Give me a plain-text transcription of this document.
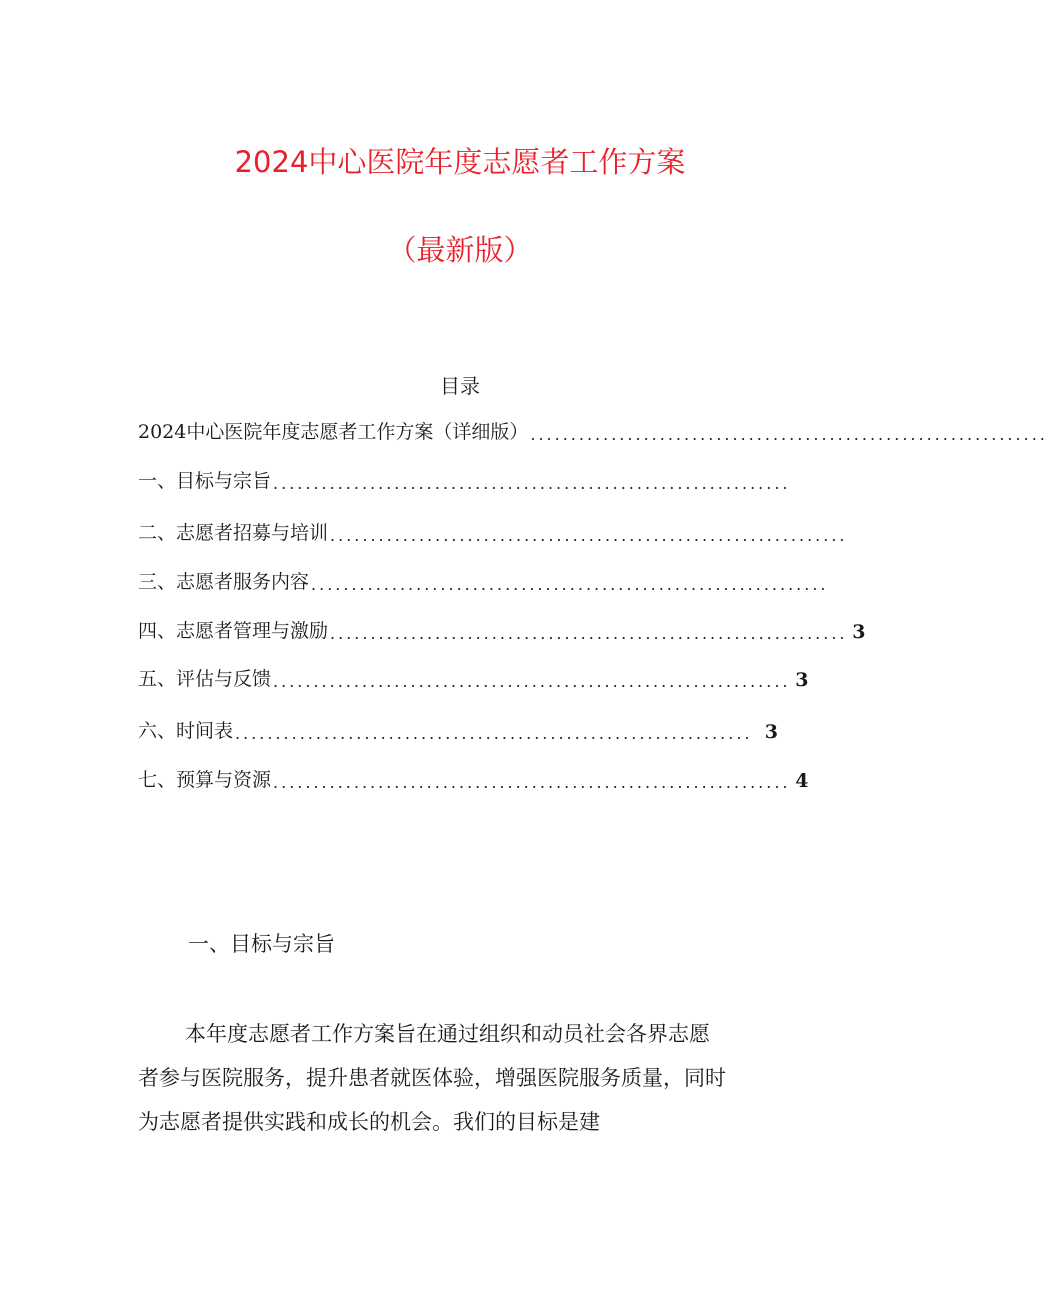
2024中心医院年度志愿者工作方案
（最新版）
目录
2024中心医院年度志愿者工作方案（详细版） ................................................................
一、目标与宗旨 ................................................................
二、志愿者招募与培训 ................................................................
三、志愿者服务内容 ................................................................
四、志愿者管理与激励 ................................................................ 3
五、评估与反馈 ................................................................ 3
六、时间表 ................................................................ 3
七、预算与资源 ................................................................ 4
一、目标与宗旨
本年度志愿者工作方案旨在通过组织和动员社会各界志愿
者参与医院服务，提升患者就医体验，增强医院服务质量，同时
为志愿者提供实践和成长的机会。我们的目标是建
